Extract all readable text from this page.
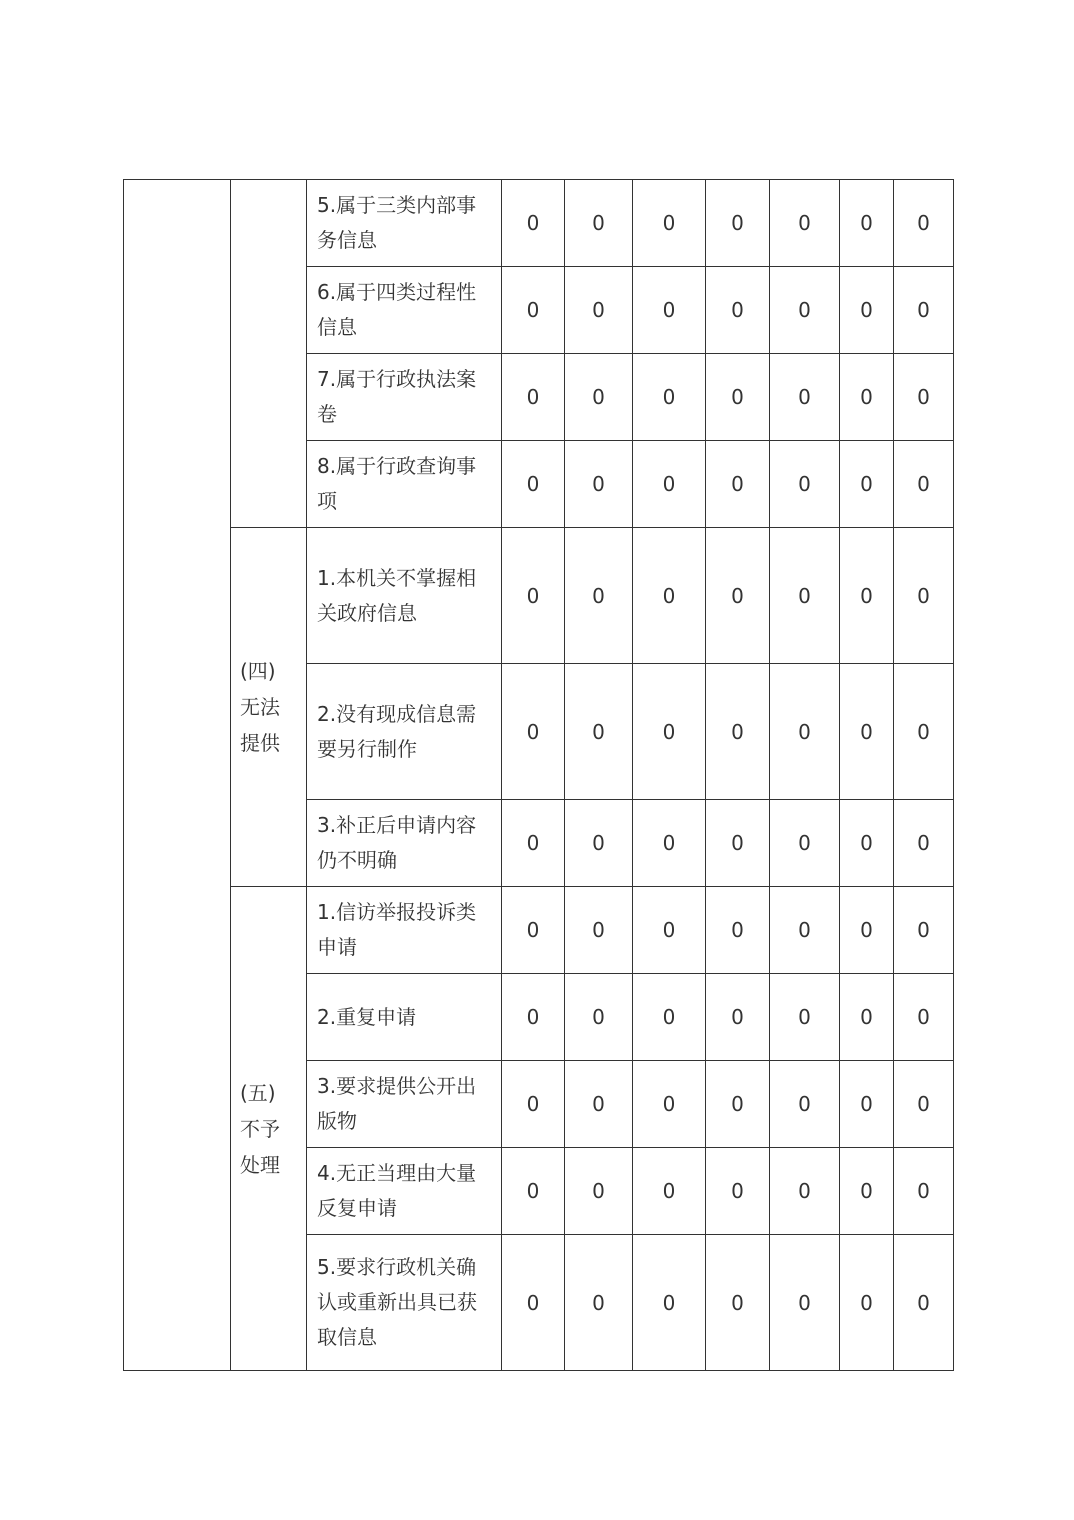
		5.属于三类内部事务信息	0	0	0	0	0	0	0

		6.属于四类过程性信息	0	0	0	0	0	0	0

		7.属于行政执法案卷	0	0	0	0	0	0	0

		8.属于行政查询事项	0	0	0	0	0	0	0

	(四)
无法
提供	1.本机关不掌握相关政府信息	0	0	0	0	0	0	0

		2.没有现成信息需要另行制作	0	0	0	0	0	0	0

		3.补正后申请内容仍不明确	0	0	0	0	0	0	0

	(五)
不予
处理	1.信访举报投诉类申请	0	0	0	0	0	0	0

		2.重复申请	0	0	0	0	0	0	0

		3.要求提供公开出版物	0	0	0	0	0	0	0

		4.无正当理由大量反复申请	0	0	0	0	0	0	0

		5.要求行政机关确认或重新出具已获取信息	0	0	0	0	0	0	0
